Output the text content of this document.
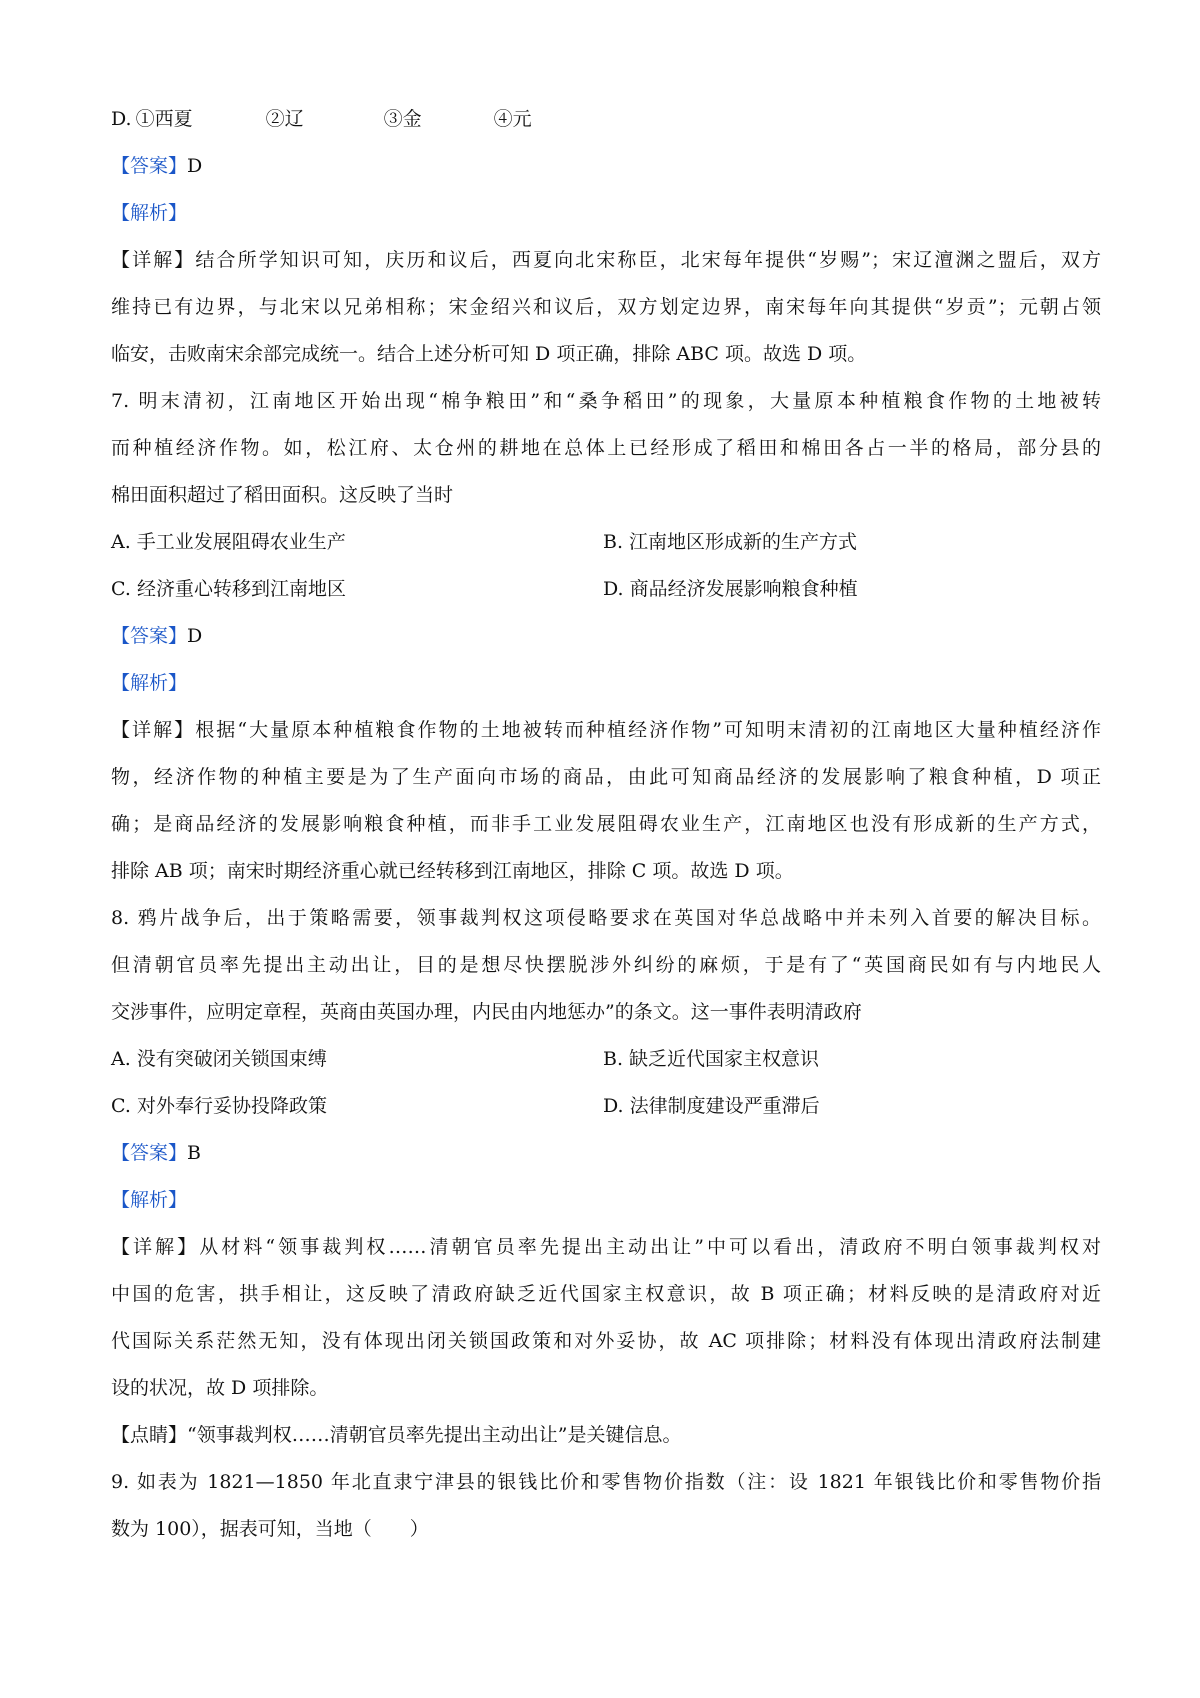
D. ①西夏	②辽	③金	④元
【答案】D
【解析】
【详解】结合所学知识可知，庆历和议后，西夏向北宋称臣，北宋每年提供“岁赐”；宋辽澶渊之盟后，双方
维持已有边界，与北宋以兄弟相称；宋金绍兴和议后，双方划定边界，南宋每年向其提供“岁贡”；元朝占领
临安，击败南宋余部完成统一。结合上述分析可知 D 项正确，排除 ABC 项。故选 D 项。
7. 明末清初，江南地区开始出现“棉争粮田”和“桑争稻田”的现象，大量原本种植粮食作物的土地被转
而种植经济作物。如，松江府、太仓州的耕地在总体上已经形成了稻田和棉田各占一半的格局，部分县的
棉田面积超过了稻田面积。这反映了当时
A. 手工业发展阻碍农业生产	B. 江南地区形成新的生产方式
C. 经济重心转移到江南地区	D. 商品经济发展影响粮食种植
【答案】D
【解析】
【详解】根据“大量原本种植粮食作物的土地被转而种植经济作物”可知明末清初的江南地区大量种植经济作
物，经济作物的种植主要是为了生产面向市场的商品，由此可知商品经济的发展影响了粮食种植，D 项正
确；是商品经济的发展影响粮食种植，而非手工业发展阻碍农业生产，江南地区也没有形成新的生产方式，
排除 AB 项；南宋时期经济重心就已经转移到江南地区，排除 C 项。故选 D 项。
8. 鸦片战争后，出于策略需要，领事裁判权这项侵略要求在英国对华总战略中并未列入首要的解决目标。
但清朝官员率先提出主动出让，目的是想尽快摆脱涉外纠纷的麻烦，于是有了“英国商民如有与内地民人
交涉事件，应明定章程，英商由英国办理，内民由内地惩办”的条文。这一事件表明清政府
A. 没有突破闭关锁国束缚	B. 缺乏近代国家主权意识
C. 对外奉行妥协投降政策	D. 法律制度建设严重滞后
【答案】B
【解析】
【详解】从材料“领事裁判权……清朝官员率先提出主动出让”中可以看出，清政府不明白领事裁判权对
中国的危害，拱手相让，这反映了清政府缺乏近代国家主权意识，故 B 项正确；材料反映的是清政府对近
代国际关系茫然无知，没有体现出闭关锁国政策和对外妥协，故 AC 项排除；材料没有体现出清政府法制建
设的状况，故 D 项排除。
【点睛】“领事裁判权……清朝官员率先提出主动出让”是关键信息。
9. 如表为 1821—1850 年北直隶宁津县的银钱比价和零售物价指数（注：设 1821 年银钱比价和零售物价指
数为 100），据表可知，当地（　　）
